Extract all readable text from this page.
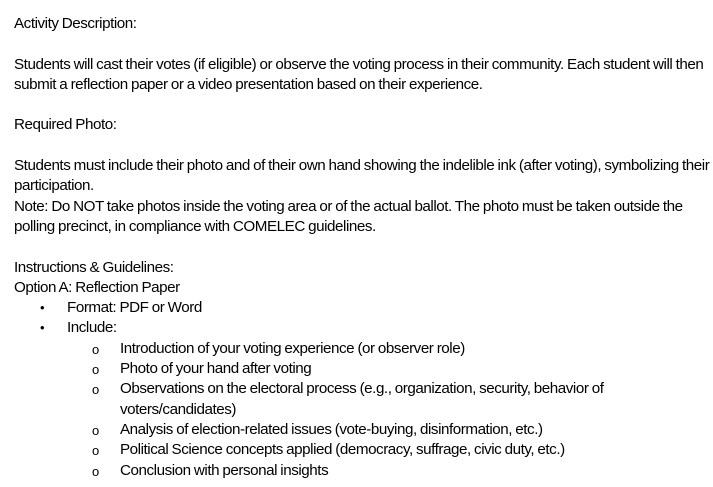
Activity Description:

Students will cast their votes (if eligible) or observe the voting process in their community. Each student will then submit a reflection paper or a video presentation based on their experience.

Required Photo:

Students must include their photo and of their own hand showing the indelible ink (after voting), symbolizing their participation.

Note: Do NOT take photos inside the voting area or of the actual ballot. The photo must be taken outside the polling precinct, in compliance with COMELEC guidelines.

Instructions & Guidelines:

Option A: Reflection Paper

• Format: PDF or Word
• Include:
o Introduction of your voting experience (or observer role)
o Photo of your hand after voting
o Observations on the electoral process (e.g., organization, security, behavior of voters/candidates)
o Analysis of election-related issues (vote-buying, disinformation, etc.)
o Political Science concepts applied (democracy, suffrage, civic duty, etc.)
o Conclusion with personal insights
